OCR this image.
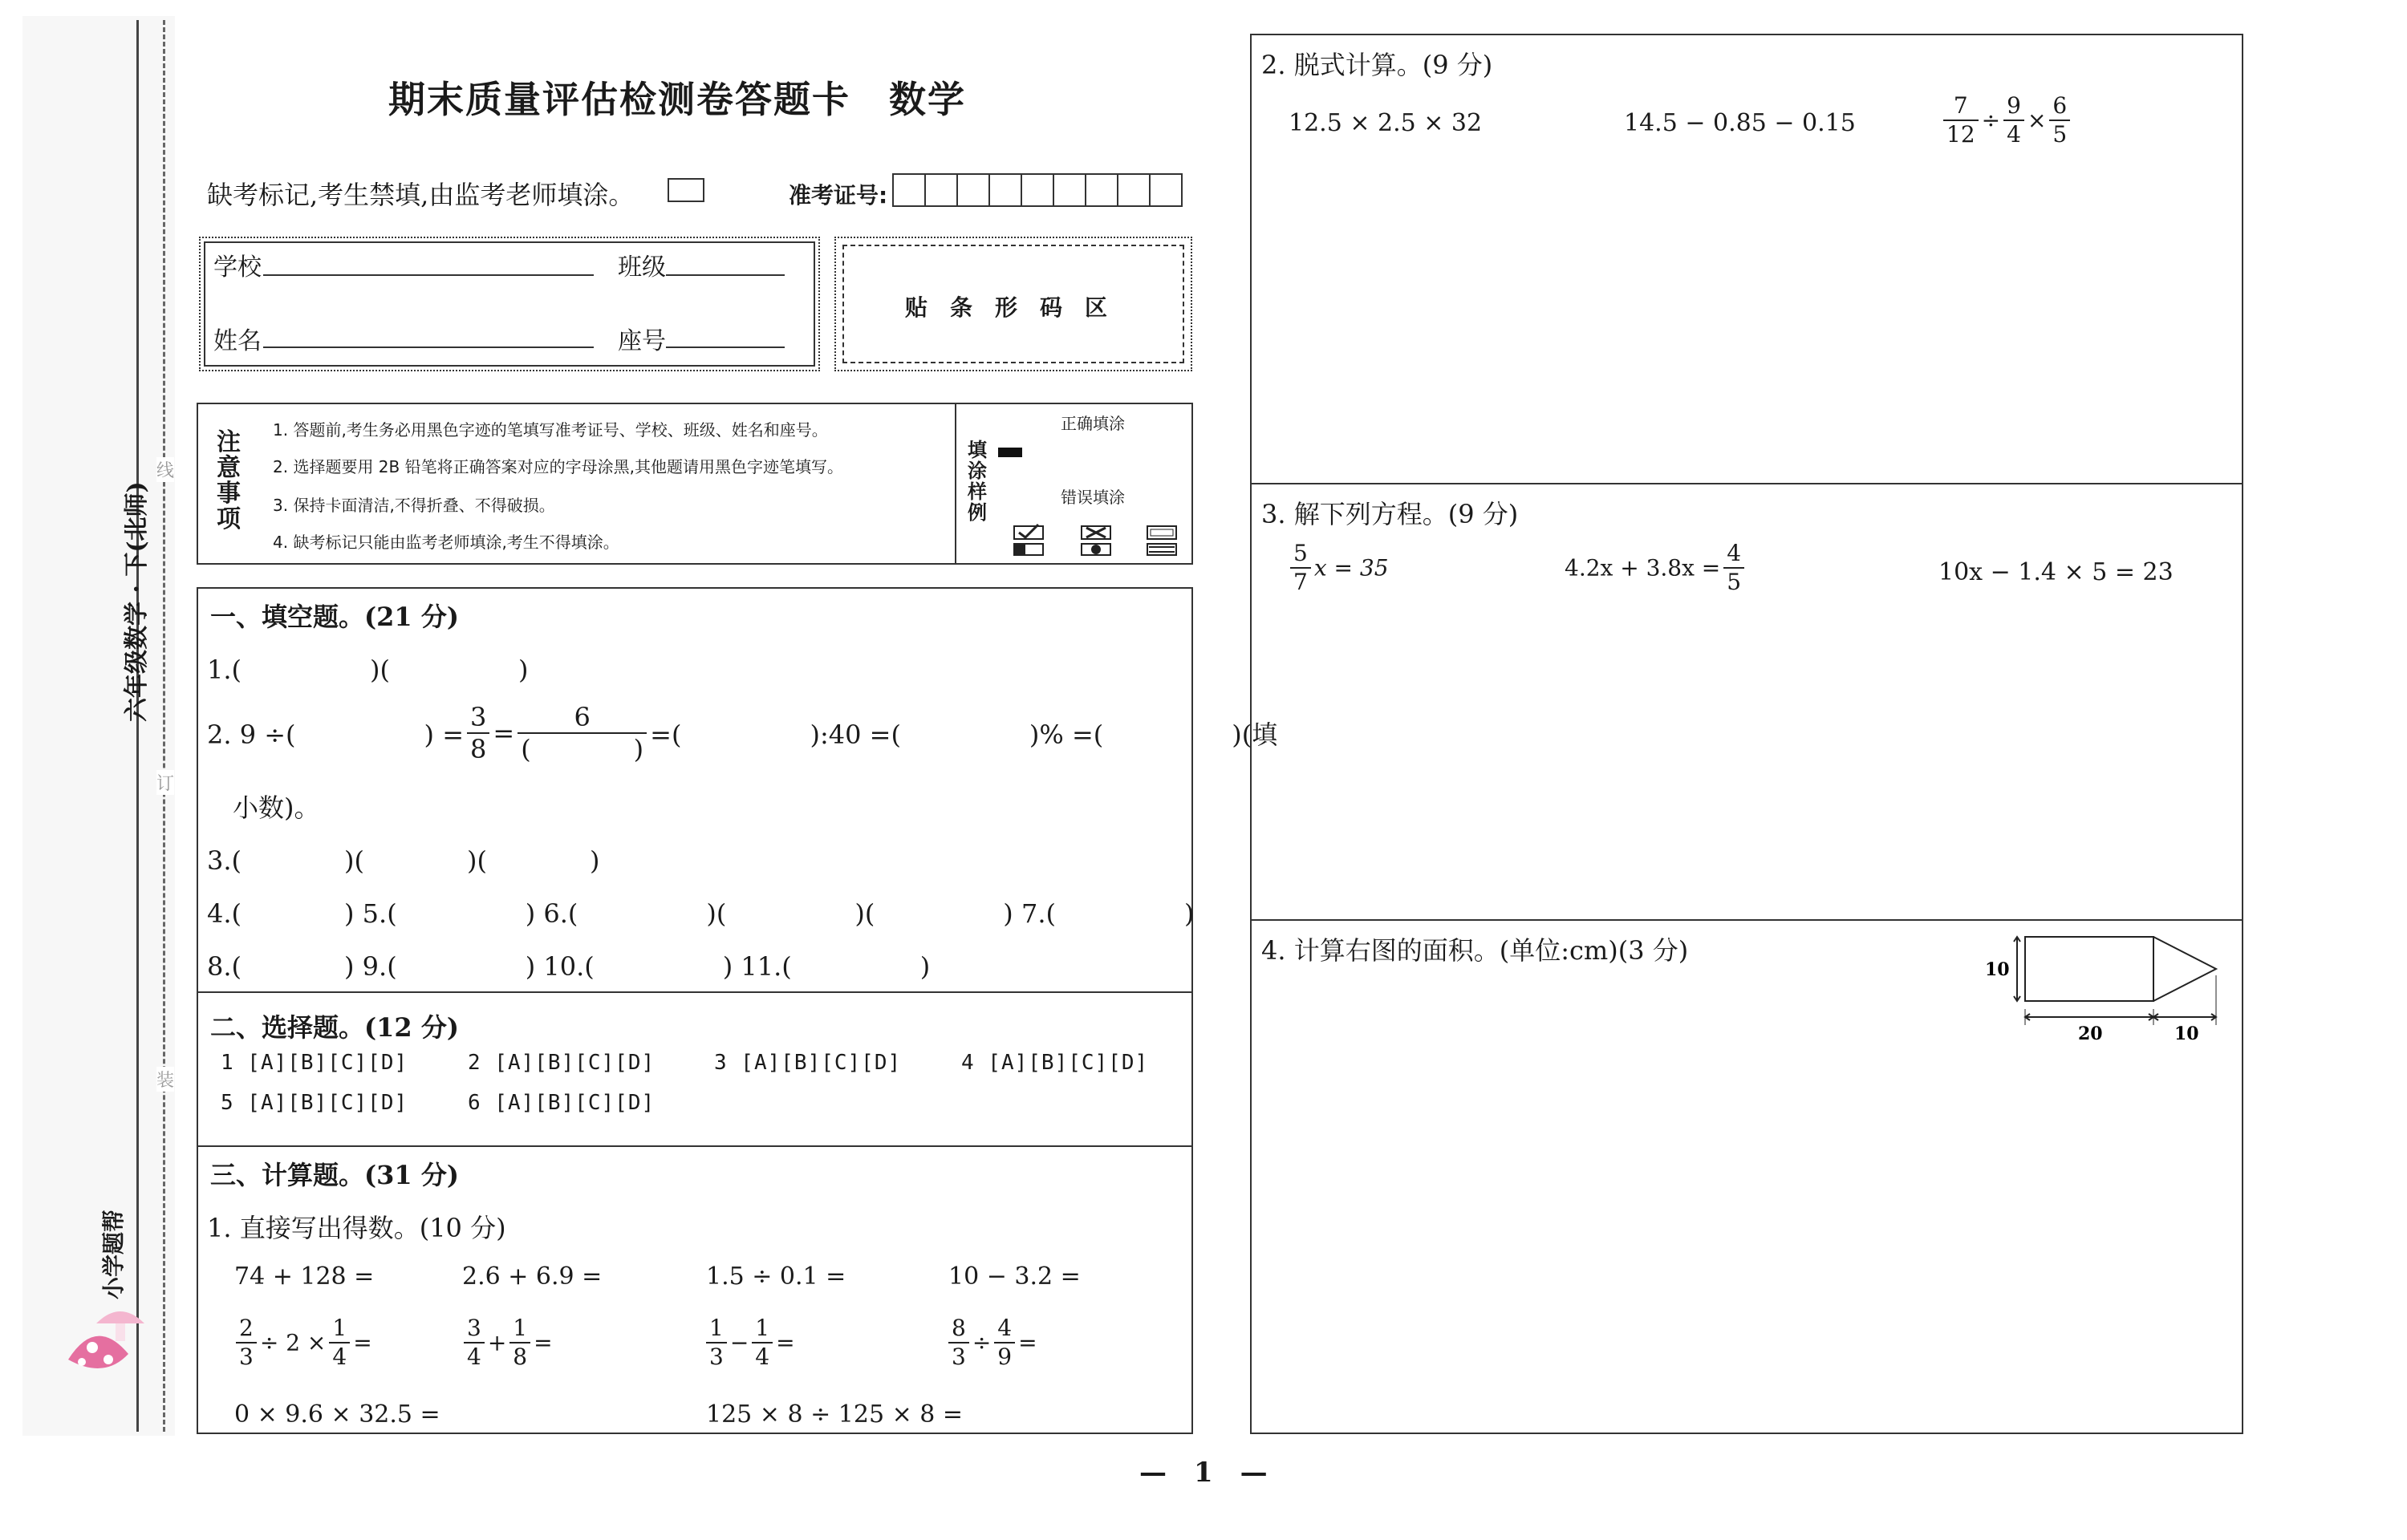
线
订
装
六年级数学 · 下(北师)
小学题帮
期末质量评估检测卷答题卡　数学
缺考标记,考生禁填,由监考老师填涂。	准考证号:
学校	班级
姓名	座号
贴　条　形　码　区
注意事项
1. 答题前,考生务必用黑色字迹的笔填写准考证号、学校、班级、姓名和座号。
2. 选择题要用 2B 铅笔将正确答案对应的字母涂黑,其他题请用黑色字迹笔填写。
3. 保持卡面清洁,不得折叠、不得破损。
4. 缺考标记只能由监考老师填涂,考生不得填涂。
填涂样例
正确填涂
错误填涂
一、填空题。(21 分)
1.(　　　　　)(　　　　　)
2. 9 ÷(　　　　　) = $\frac{3}{8} = \frac{6}{( )}$ =(　　　　　):40 =(　　　　　)% =(　　　　　)(填
小数)。
3.(　　　　)(　　　　)(　　　　)
4.(　　　　) 5.(　　　　　) 6.(　　　　　)(　　　　　)(　　　　　) 7.(　　　　　)
8.(　　　　) 9.(　　　　　) 10.(　　　　　) 11.(　　　　　)
二、选择题。(12 分)
1 [A][B][C][D]	2 [A][B][C][D]	3 [A][B][C][D]	4 [A][B][C][D]
5 [A][B][C][D]	6 [A][B][C][D]
三、计算题。(31 分)
1. 直接写出得数。(10 分)
74 + 128 =	2.6 + 6.9 =	1.5 ÷ 0.1 =	10 − 3.2 =
$\frac{2}{3} \div 2 \times \frac{1}{4}$ =	$\frac{3}{4} + \frac{1}{8}$ =	$\frac{1}{3} - \frac{1}{4}$ =	$\frac{8}{3} \div \frac{4}{9}$ =
0 × 9.6 × 32.5 =	125 × 8 ÷ 125 × 8 =
2. 脱式计算。(9 分)
12.5 × 2.5 × 32	14.5 − 0.85 − 0.15	$\frac{7}{12} \div \frac{9}{4} \times \frac{6}{5}$
3. 解下列方程。(9 分)
$\frac{5}{7}$ x = 35	$4.2x + 3.8x = \frac{4}{5}$	10x − 1.4 × 5 = 23
4. 计算右图的面积。(单位:cm)(3 分)
10
20	10
—　1　—
